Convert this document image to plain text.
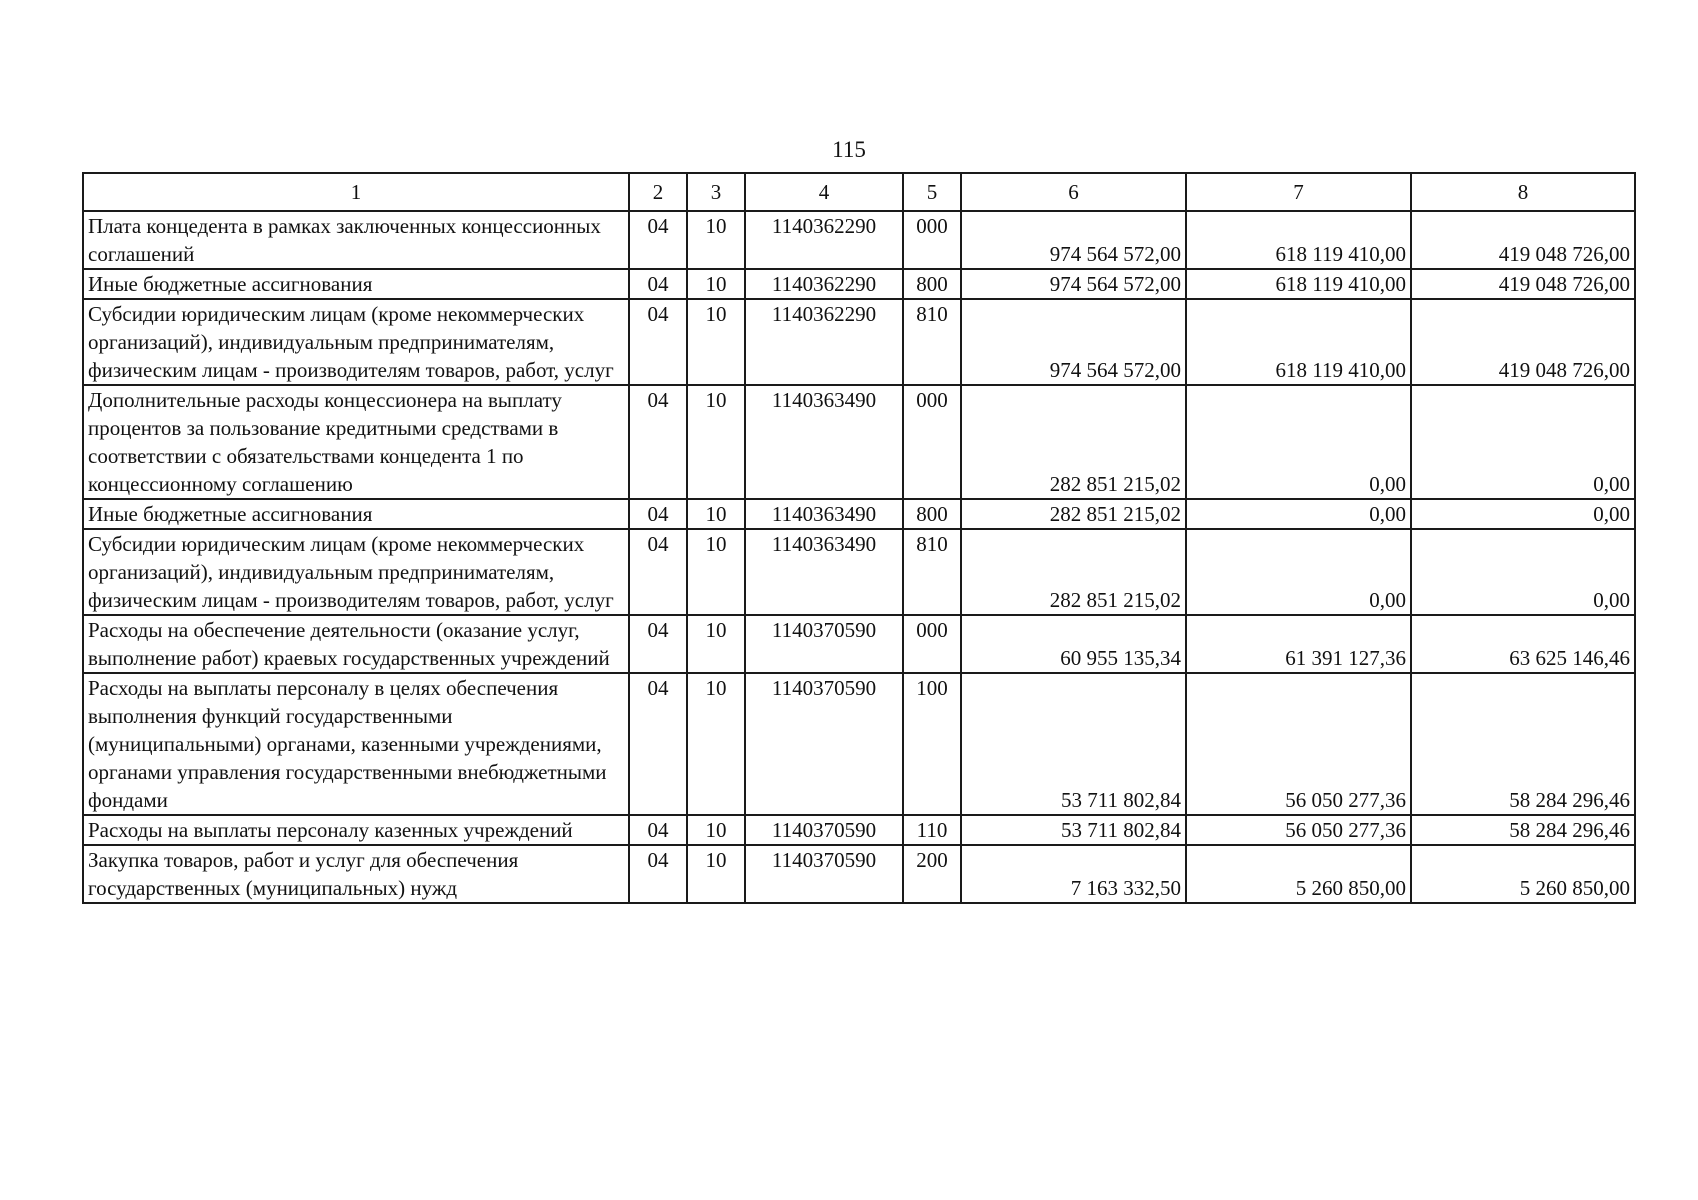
115
1	2	3	4	5	6	7	8
Плата концедента в рамках заключенных концессионных соглашений	04	10	1140362290	000	974 564 572,00	618 119 410,00	419 048 726,00
Иные бюджетные ассигнования	04	10	1140362290	800	974 564 572,00	618 119 410,00	419 048 726,00
Субсидии юридическим лицам (кроме некоммерческих организаций), индивидуальным предпринимателям, физическим лицам - производителям товаров, работ, услуг	04	10	1140362290	810	974 564 572,00	618 119 410,00	419 048 726,00
Дополнительные расходы концессионера на выплату процентов за пользование кредитными средствами в соответствии с обязательствами концедента 1 по концессионному соглашению	04	10	1140363490	000	282 851 215,02	0,00	0,00
Иные бюджетные ассигнования	04	10	1140363490	800	282 851 215,02	0,00	0,00
Субсидии юридическим лицам (кроме некоммерческих организаций), индивидуальным предпринимателям, физическим лицам - производителям товаров, работ, услуг	04	10	1140363490	810	282 851 215,02	0,00	0,00
Расходы на обеспечение деятельности (оказание услуг, выполнение работ) краевых государственных учреждений	04	10	1140370590	000	60 955 135,34	61 391 127,36	63 625 146,46
Расходы на выплаты персоналу в целях обеспечения выполнения функций государственными (муниципальными) органами, казенными учреждениями, органами управления государственными внебюджетными фондами	04	10	1140370590	100	53 711 802,84	56 050 277,36	58 284 296,46
Расходы на выплаты персоналу казенных учреждений	04	10	1140370590	110	53 711 802,84	56 050 277,36	58 284 296,46
Закупка товаров, работ и услуг для обеспечения государственных (муниципальных) нужд	04	10	1140370590	200	7 163 332,50	5 260 850,00	5 260 850,00
